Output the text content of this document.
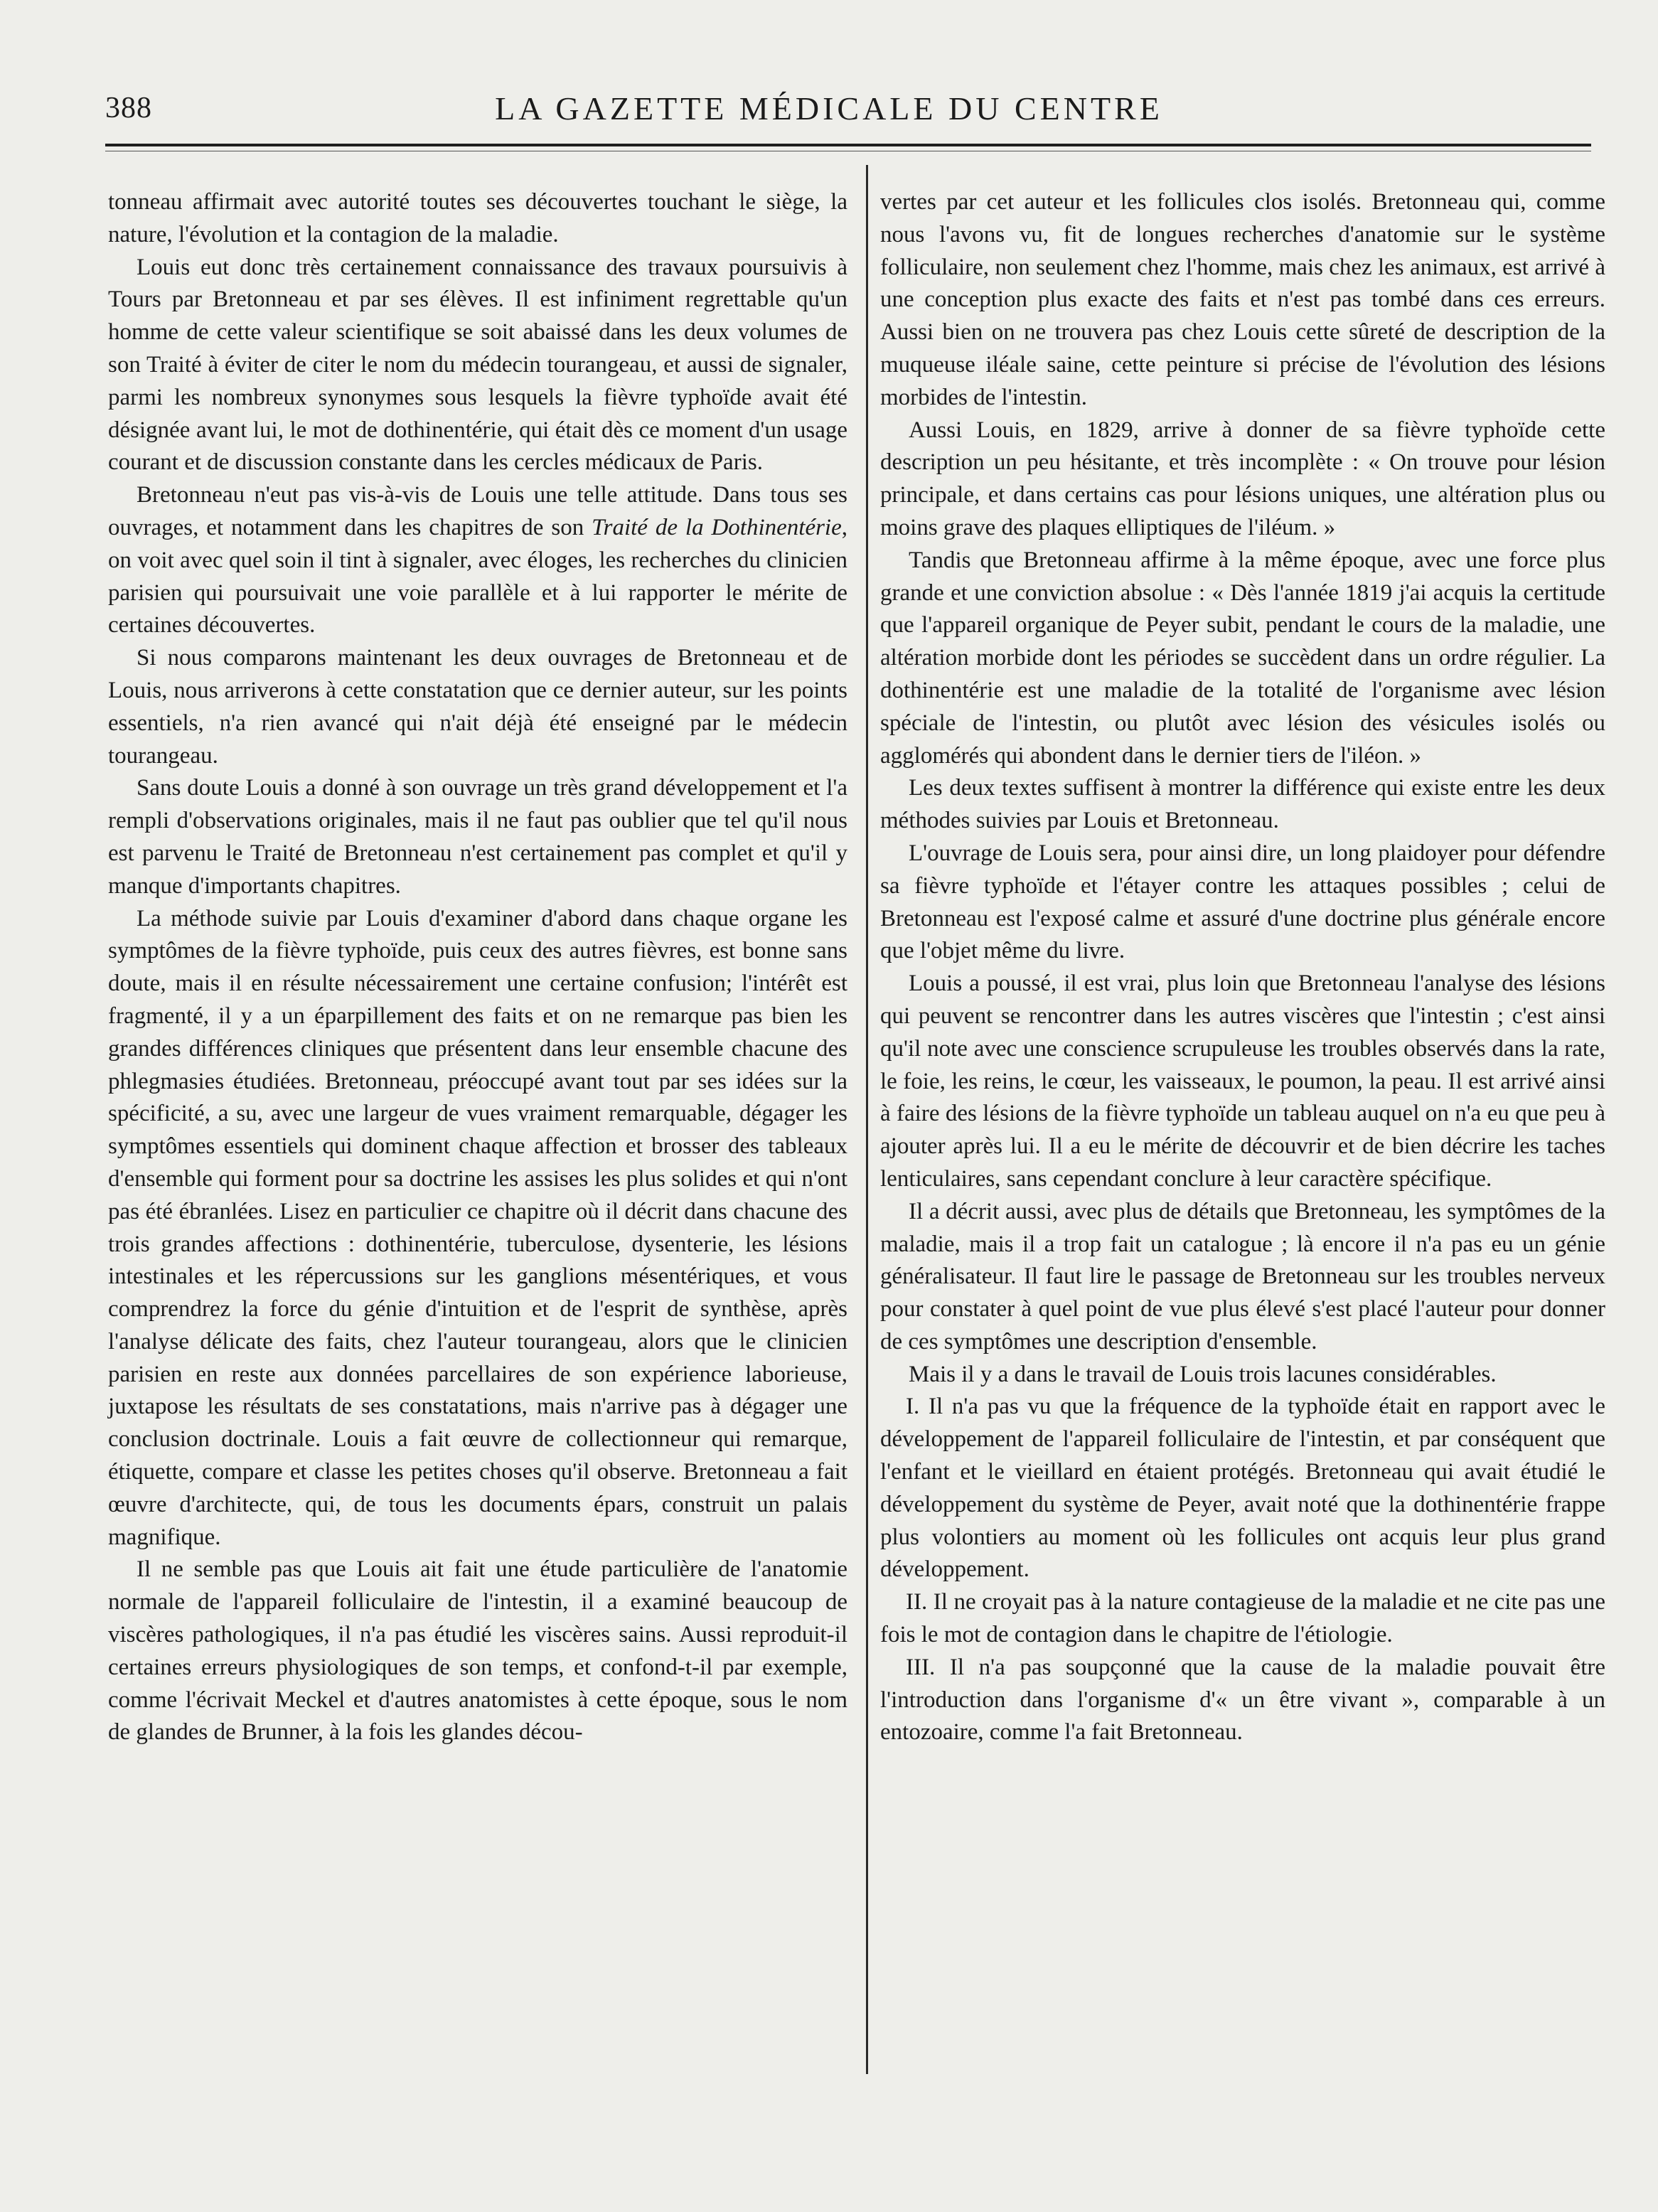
388	LA GAZETTE MÉDICALE DU CENTRE

tonneau affirmait avec autorité toutes ses découvertes touchant le siège, la nature, l'évolution et la contagion de la maladie.

Louis eut donc très certainement connaissance des travaux poursuivis à Tours par Bretonneau et par ses élèves. Il est infiniment regrettable qu'un homme de cette valeur scientifique se soit abaissé dans les deux volumes de son Traité à éviter de citer le nom du médecin tourangeau, et aussi de signaler, parmi les nombreux synonymes sous lesquels la fièvre typhoïde avait été désignée avant lui, le mot de dothinentérie, qui était dès ce moment d'un usage courant et de discussion constante dans les cercles médicaux de Paris.

Bretonneau n'eut pas vis-à-vis de Louis une telle attitude. Dans tous ses ouvrages, et notamment dans les chapitres de son Traité de la Dothinentérie, on voit avec quel soin il tint à signaler, avec éloges, les recherches du clinicien parisien qui poursuivait une voie parallèle et à lui rapporter le mérite de certaines découvertes.

Si nous comparons maintenant les deux ouvrages de Bretonneau et de Louis, nous arriverons à cette constatation que ce dernier auteur, sur les points essentiels, n'a rien avancé qui n'ait déjà été enseigné par le médecin tourangeau.

Sans doute Louis a donné à son ouvrage un très grand développement et l'a rempli d'observations originales, mais il ne faut pas oublier que tel qu'il nous est parvenu le Traité de Bretonneau n'est certainement pas complet et qu'il y manque d'importants chapitres.

La méthode suivie par Louis d'examiner d'abord dans chaque organe les symptômes de la fièvre typhoïde, puis ceux des autres fièvres, est bonne sans doute, mais il en résulte nécessairement une certaine confusion; l'intérêt est fragmenté, il y a un éparpillement des faits et on ne remarque pas bien les grandes différences cliniques que présentent dans leur ensemble chacune des phlegmasies étudiées. Bretonneau, préoccupé avant tout par ses idées sur la spécificité, a su, avec une largeur de vues vraiment remarquable, dégager les symptômes essentiels qui dominent chaque affection et brosser des tableaux d'ensemble qui forment pour sa doctrine les assises les plus solides et qui n'ont pas été ébranlées. Lisez en particulier ce chapitre où il décrit dans chacune des trois grandes affections : dothinentérie, tuberculose, dysenterie, les lésions intestinales et les répercussions sur les ganglions mésentériques, et vous comprendrez la force du génie d'intuition et de l'esprit de synthèse, après l'analyse délicate des faits, chez l'auteur tourangeau, alors que le clinicien parisien en reste aux données parcellaires de son expérience laborieuse, juxtapose les résultats de ses constatations, mais n'arrive pas à dégager une conclusion doctrinale. Louis a fait œuvre de collectionneur qui remarque, étiquette, compare et classe les petites choses qu'il observe. Bretonneau a fait œuvre d'architecte, qui, de tous les documents épars, construit un palais magnifique.

Il ne semble pas que Louis ait fait une étude particulière de l'anatomie normale de l'appareil folliculaire de l'intestin, il a examiné beaucoup de viscères pathologiques, il n'a pas étudié les viscères sains. Aussi reproduit-il certaines erreurs physiologiques de son temps, et confond-t-il par exemple, comme l'écrivait Meckel et d'autres anatomistes à cette époque, sous le nom de glandes de Brunner, à la fois les glandes décou-

vertes par cet auteur et les follicules clos isolés. Bretonneau qui, comme nous l'avons vu, fit de longues recherches d'anatomie sur le système folliculaire, non seulement chez l'homme, mais chez les animaux, est arrivé à une conception plus exacte des faits et n'est pas tombé dans ces erreurs. Aussi bien on ne trouvera pas chez Louis cette sûreté de description de la muqueuse iléale saine, cette peinture si précise de l'évolution des lésions morbides de l'intestin.

Aussi Louis, en 1829, arrive à donner de sa fièvre typhoïde cette description un peu hésitante, et très incomplète : « On trouve pour lésion principale, et dans certains cas pour lésions uniques, une altération plus ou moins grave des plaques elliptiques de l'iléum. »

Tandis que Bretonneau affirme à la même époque, avec une force plus grande et une conviction absolue : « Dès l'année 1819 j'ai acquis la certitude que l'appareil organique de Peyer subit, pendant le cours de la maladie, une altération morbide dont les périodes se succèdent dans un ordre régulier. La dothinentérie est une maladie de la totalité de l'organisme avec lésion spéciale de l'intestin, ou plutôt avec lésion des vésicules isolés ou agglomérés qui abondent dans le dernier tiers de l'iléon. »

Les deux textes suffisent à montrer la différence qui existe entre les deux méthodes suivies par Louis et Bretonneau.

L'ouvrage de Louis sera, pour ainsi dire, un long plaidoyer pour défendre sa fièvre typhoïde et l'étayer contre les attaques possibles ; celui de Bretonneau est l'exposé calme et assuré d'une doctrine plus générale encore que l'objet même du livre.

Louis a poussé, il est vrai, plus loin que Bretonneau l'analyse des lésions qui peuvent se rencontrer dans les autres viscères que l'intestin ; c'est ainsi qu'il note avec une conscience scrupuleuse les troubles observés dans la rate, le foie, les reins, le cœur, les vaisseaux, le poumon, la peau. Il est arrivé ainsi à faire des lésions de la fièvre typhoïde un tableau auquel on n'a eu que peu à ajouter après lui. Il a eu le mérite de découvrir et de bien décrire les taches lenticulaires, sans cependant conclure à leur caractère spécifique.

Il a décrit aussi, avec plus de détails que Bretonneau, les symptômes de la maladie, mais il a trop fait un catalogue ; là encore il n'a pas eu un génie généralisateur. Il faut lire le passage de Bretonneau sur les troubles nerveux pour constater à quel point de vue plus élevé s'est placé l'auteur pour donner de ces symptômes une description d'ensemble.

Mais il y a dans le travail de Louis trois lacunes considérables.

I. Il n'a pas vu que la fréquence de la typhoïde était en rapport avec le développement de l'appareil folliculaire de l'intestin, et par conséquent que l'enfant et le vieillard en étaient protégés. Bretonneau qui avait étudié le développement du système de Peyer, avait noté que la dothinentérie frappe plus volontiers au moment où les follicules ont acquis leur plus grand développement.

II. Il ne croyait pas à la nature contagieuse de la maladie et ne cite pas une fois le mot de contagion dans le chapitre de l'étiologie.

III. Il n'a pas soupçonné que la cause de la maladie pouvait être l'introduction dans l'organisme d'« un être vivant », comparable à un entozoaire, comme l'a fait Bretonneau.
